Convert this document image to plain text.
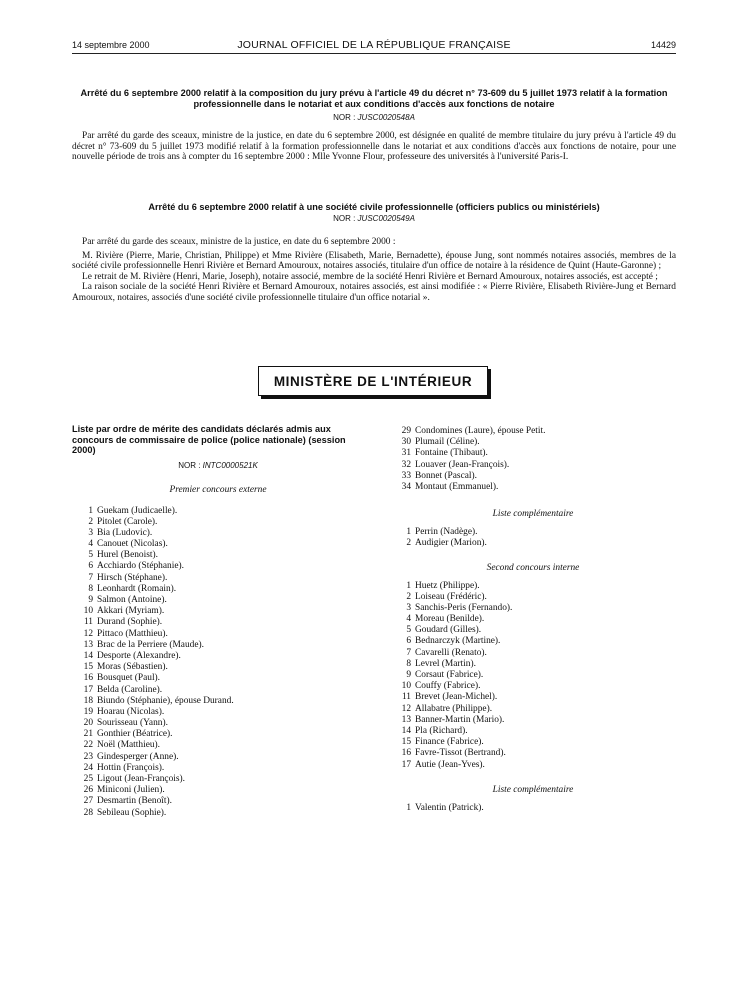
14 septembre 2000	JOURNAL OFFICIEL DE LA RÉPUBLIQUE FRANÇAISE	14429
Arrêté du 6 septembre 2000 relatif à la composition du jury prévu à l'article 49 du décret n° 73-609 du 5 juillet 1973 relatif à la formation professionnelle dans le notariat et aux conditions d'accès aux fonctions de notaire
NOR : JUSC0020548A

Par arrêté du garde des sceaux, ministre de la justice, en date du 6 septembre 2000, est désignée en qualité de membre titulaire du jury prévu à l'article 49 du décret n° 73-609 du 5 juillet 1973 modifié relatif à la formation professionnelle dans le notariat et aux conditions d'accès aux fonctions de notaire, pour une nouvelle période de trois ans à compter du 16 septembre 2000 : Mlle Yvonne Flour, professeure des universités à l'université Paris-I.

Arrêté du 6 septembre 2000 relatif à une société civile professionnelle (officiers publics ou ministériels)
NOR : JUSC0020549A

Par arrêté du garde des sceaux, ministre de la justice, en date du 6 septembre 2000 :

M. Rivière (Pierre, Marie, Christian, Philippe) et Mme Rivière (Elisabeth, Marie, Bernadette), épouse Jung, sont nommés notaires associés, membres de la société civile professionnelle Henri Rivière et Bernard Amouroux, notaires associés, titulaire d'un office de notaire à la résidence de Quint (Haute-Garonne) ;

Le retrait de M. Rivière (Henri, Marie, Joseph), notaire associé, membre de la société Henri Rivière et Bernard Amouroux, notaires associés, est accepté ;

La raison sociale de la société Henri Rivière et Bernard Amouroux, notaires associés, est ainsi modifiée : « Pierre Rivière, Elisabeth Rivière-Jung et Bernard Amouroux, notaires, associés d'une société civile professionnelle titulaire d'un office notarial ».

MINISTÈRE DE L'INTÉRIEUR

Liste par ordre de mérite des candidats déclarés admis aux concours de commissaire de police (police nationale) (session 2000)

NOR : INTC0000521K
Premier concours externe
1 Guekam (Judicaelle).
2 Pitolet (Carole).
3 Bia (Ludovic).
4 Canouet (Nicolas).
5 Hurel (Benoist).
6 Acchiardo (Stéphanie).
7 Hirsch (Stéphane).
8 Leonhardt (Romain).
9 Salmon (Antoine).
10 Akkari (Myriam).
11 Durand (Sophie).
12 Pittaco (Matthieu).
13 Brac de la Perriere (Maude).
14 Desporte (Alexandre).
15 Moras (Sébastien).
16 Bousquet (Paul).
17 Belda (Caroline).
18 Biundo (Stéphanie), épouse Durand.
19 Hoarau (Nicolas).
20 Sourisseau (Yann).
21 Gonthier (Béatrice).
22 Noël (Matthieu).
23 Gindesperger (Anne).
24 Hottin (François).
25 Ligout (Jean-François).
26 Miniconi (Julien).
27 Desmartin (Benoît).
28 Sebileau (Sophie).
29 Condomines (Laure), épouse Petit.
30 Plumail (Céline).
31 Fontaine (Thibaut).
32 Louaver (Jean-François).
33 Bonnet (Pascal).
34 Montaut (Emmanuel).
Liste complémentaire
1 Perrin (Nadège).
2 Audigier (Marion).
Second concours interne
1 Huetz (Philippe).
2 Loiseau (Frédéric).
3 Sanchis-Peris (Fernando).
4 Moreau (Benilde).
5 Goudard (Gilles).
6 Bednarczyk (Martine).
7 Cavarelli (Renato).
8 Levrel (Martin).
9 Corsaut (Fabrice).
10 Couffy (Fabrice).
11 Brevet (Jean-Michel).
12 Allabatre (Philippe).
13 Banner-Martin (Mario).
14 Pla (Richard).
15 Finance (Fabrice).
16 Favre-Tissot (Bertrand).
17 Autie (Jean-Yves).
Liste complémentaire
1 Valentin (Patrick).
